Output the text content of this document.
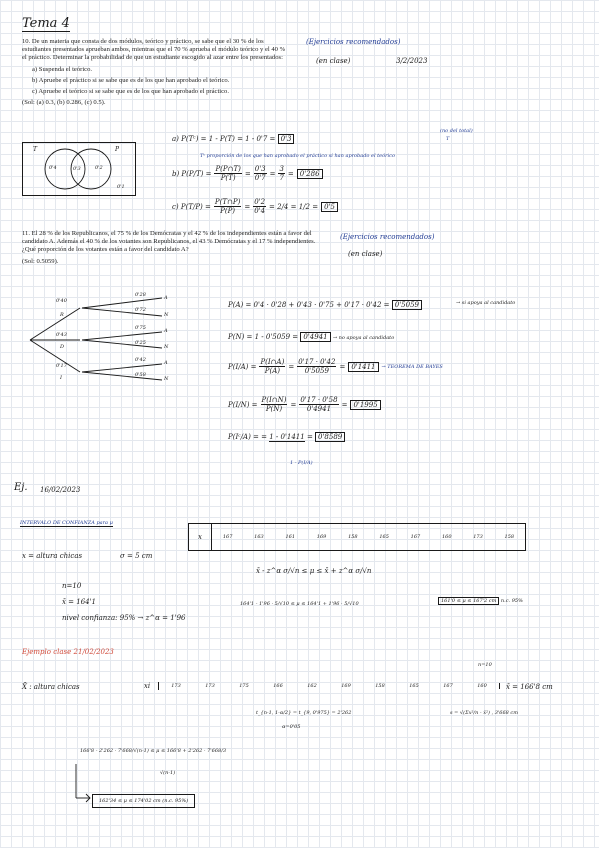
Tema 4

10. De un materia que consta de dos módulos, teórico y práctico, se sabe que el 30 % de los estudiantes presentados aprueban ambos, mientras que el 70 % aprueba el módulo teórico y el 40 % el práctico. Determinar la probabilidad de que un estudiante escogido al azar entre los presentados:

a) Suspenda el teórico.

b) Apruebe el práctico si se sabe que es de los que han aprobado el teórico.

c) Apruebe el teórico si se sabe que es de los que han aprobado el práctico.

(Sol: (a) 0.3, (b) 0.286, (c) 0.5).

(Ejercicios recomendados)
(en clase)	3/2/2023
T	P
0'4	0'3	0'2
0'1
a) P(Tᶜ) = 1 - P(T) = 1 - 0'7 = 0'3
(no del total)
T
Tᶜ proporción de los que han aprobado el práctico si han aprobado el teórico
b) $P(P/T) = \frac{P(P\cap T)}{P(T)} = \frac{0'3}{0'7} = \frac{3}{7} = 0'286$
c) $P(T/P) = \frac{P(T\cap P)}{P(P)} = \frac{0'2}{0'4} = 2/4 = 1/2 = 0'5$

11. El 28 % de los Republicanos, el 75 % de los Demócratas y el 42 % de los independientes están a favor del candidato A. Además el 40 % de los votantes son Republicanos, el 43 % Demócratas y el 17 % independientes. ¿Qué proporción de los votantes están a favor del candidato A?

(Sol: 0.5059).

(Ejercicios recomendados)
(en clase)
0'40
R
0'43
D
0'17
I
0'28
0'72
0'75
0'25
0'42
0'58
A
N
A
N
A
N
P(A) = 0'4 · 0'28 + 0'43 · 0'75 + 0'17 · 0'42 = 0'5059	→ si apoya al candidato
P(N) = 1 - 0'5059 = 0'4941 → no apoya al candidato
$P(I/A) = \frac{P(I\cap A)}{P(A)} = \frac{0'17 \cdot 0'42}{0'5059} = 0'1411$	→ TEOREMA DE BAYES
$P(I/N) = \frac{P(I\cap N)}{P(N)} = \frac{0'17 \cdot 0'58}{0'4941} = 0'1995$
P(Iᶜ/A) = = 1 - 0'1411 = 0'8589
1 - P(I/A)
Ej. 16/02/2023
INTERVALO DE CONFIANZA para μ
x	167	163	161	169	158	165	167	160	173	158
x = altura chicas	σ = 5 cm
x̄ - z^α σ/√n ≤ μ ≤ x̄ + z^α σ/√n
n=10
x̄ = 164'1
nivel confianza: 95% → z^α = 1'96
164'1 - 1'96 · 5/√10 ≤ μ ≤ 164'1 + 1'96 · 5/√10	161'0 ≤ μ ≤ 167'2 cm n.c. 95%
Ejemplo clase 21/02/2023
n=10
X̄ : altura chicas	xi	173	173	175	166	162	169	158	165	167	160	x̄ = 166'8 cm
t_{n-1, 1-α/2} = t_{9, 0'975} = 2'262
α=0'05
s = √(Σx²/n - x̄²) , 3'668 cm
166'8 - 2'262 · 7'668/√(n-1) ≤ μ ≤ 166'8 + 2'262 · 7'668/3
√(n-1)
162'34 ≤ μ ≤ 174'02 cm (n.c. 95%)
